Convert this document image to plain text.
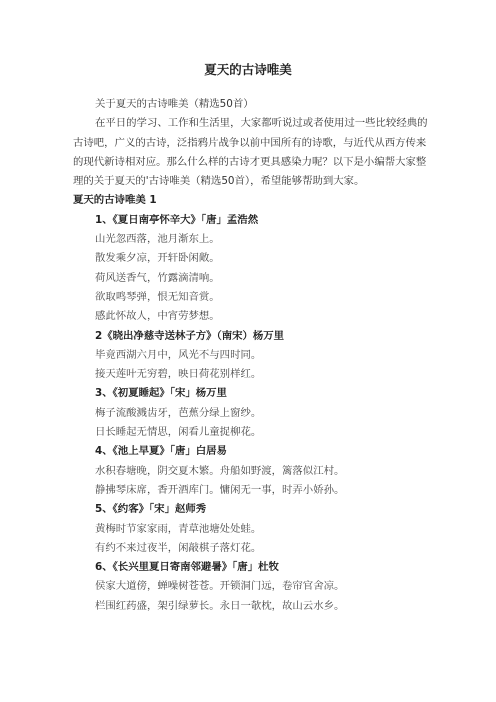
夏天的古诗唯美

关于夏天的古诗唯美（精选50首）

在平日的学习、工作和生活里，大家都听说过或者使用过一些比较经典的古诗吧，广义的古诗，泛指鸦片战争以前中国所有的诗歌，与近代从西方传来的现代新诗相对应。那么什么样的古诗才更具感染力呢？以下是小编帮大家整理的关于夏天的'古诗唯美（精选50首），希望能够帮助到大家。

夏天的古诗唯美 1

1、《夏日南亭怀辛大》「唐」孟浩然

山光忽西落，池月渐东上。

散发乘夕凉，开轩卧闲敞。

荷风送香气，竹露滴清响。

欲取鸣琴弹，恨无知音赏。

感此怀故人，中宵劳梦想。

2《晓出净慈寺送林子方》（南宋）杨万里

毕竟西湖六月中，风光不与四时同。

接天莲叶无穷碧，映日荷花别样红。

3、《初夏睡起》「宋」杨万里

梅子流酸溅齿牙，芭蕉分绿上窗纱。

日长睡起无情思，闲看儿童捉柳花。

4、《池上早夏》「唐」白居易

水积春塘晚，阴交夏木繁。舟船如野渡，篱落似江村。

静拂琴床席，香开酒库门。慵闲无一事，时弄小娇孙。

5、《约客》「宋」赵师秀

黄梅时节家家雨，青草池塘处处蛙。

有约不来过夜半，闲敲棋子落灯花。

6、《长兴里夏日寄南邻避暑》「唐」杜牧

侯家大道傍，蝉噪树苍苍。开锁洞门远，卷帘官舍凉。

栏围红药盛，架引绿萝长。永日一欹枕，故山云水乡。
